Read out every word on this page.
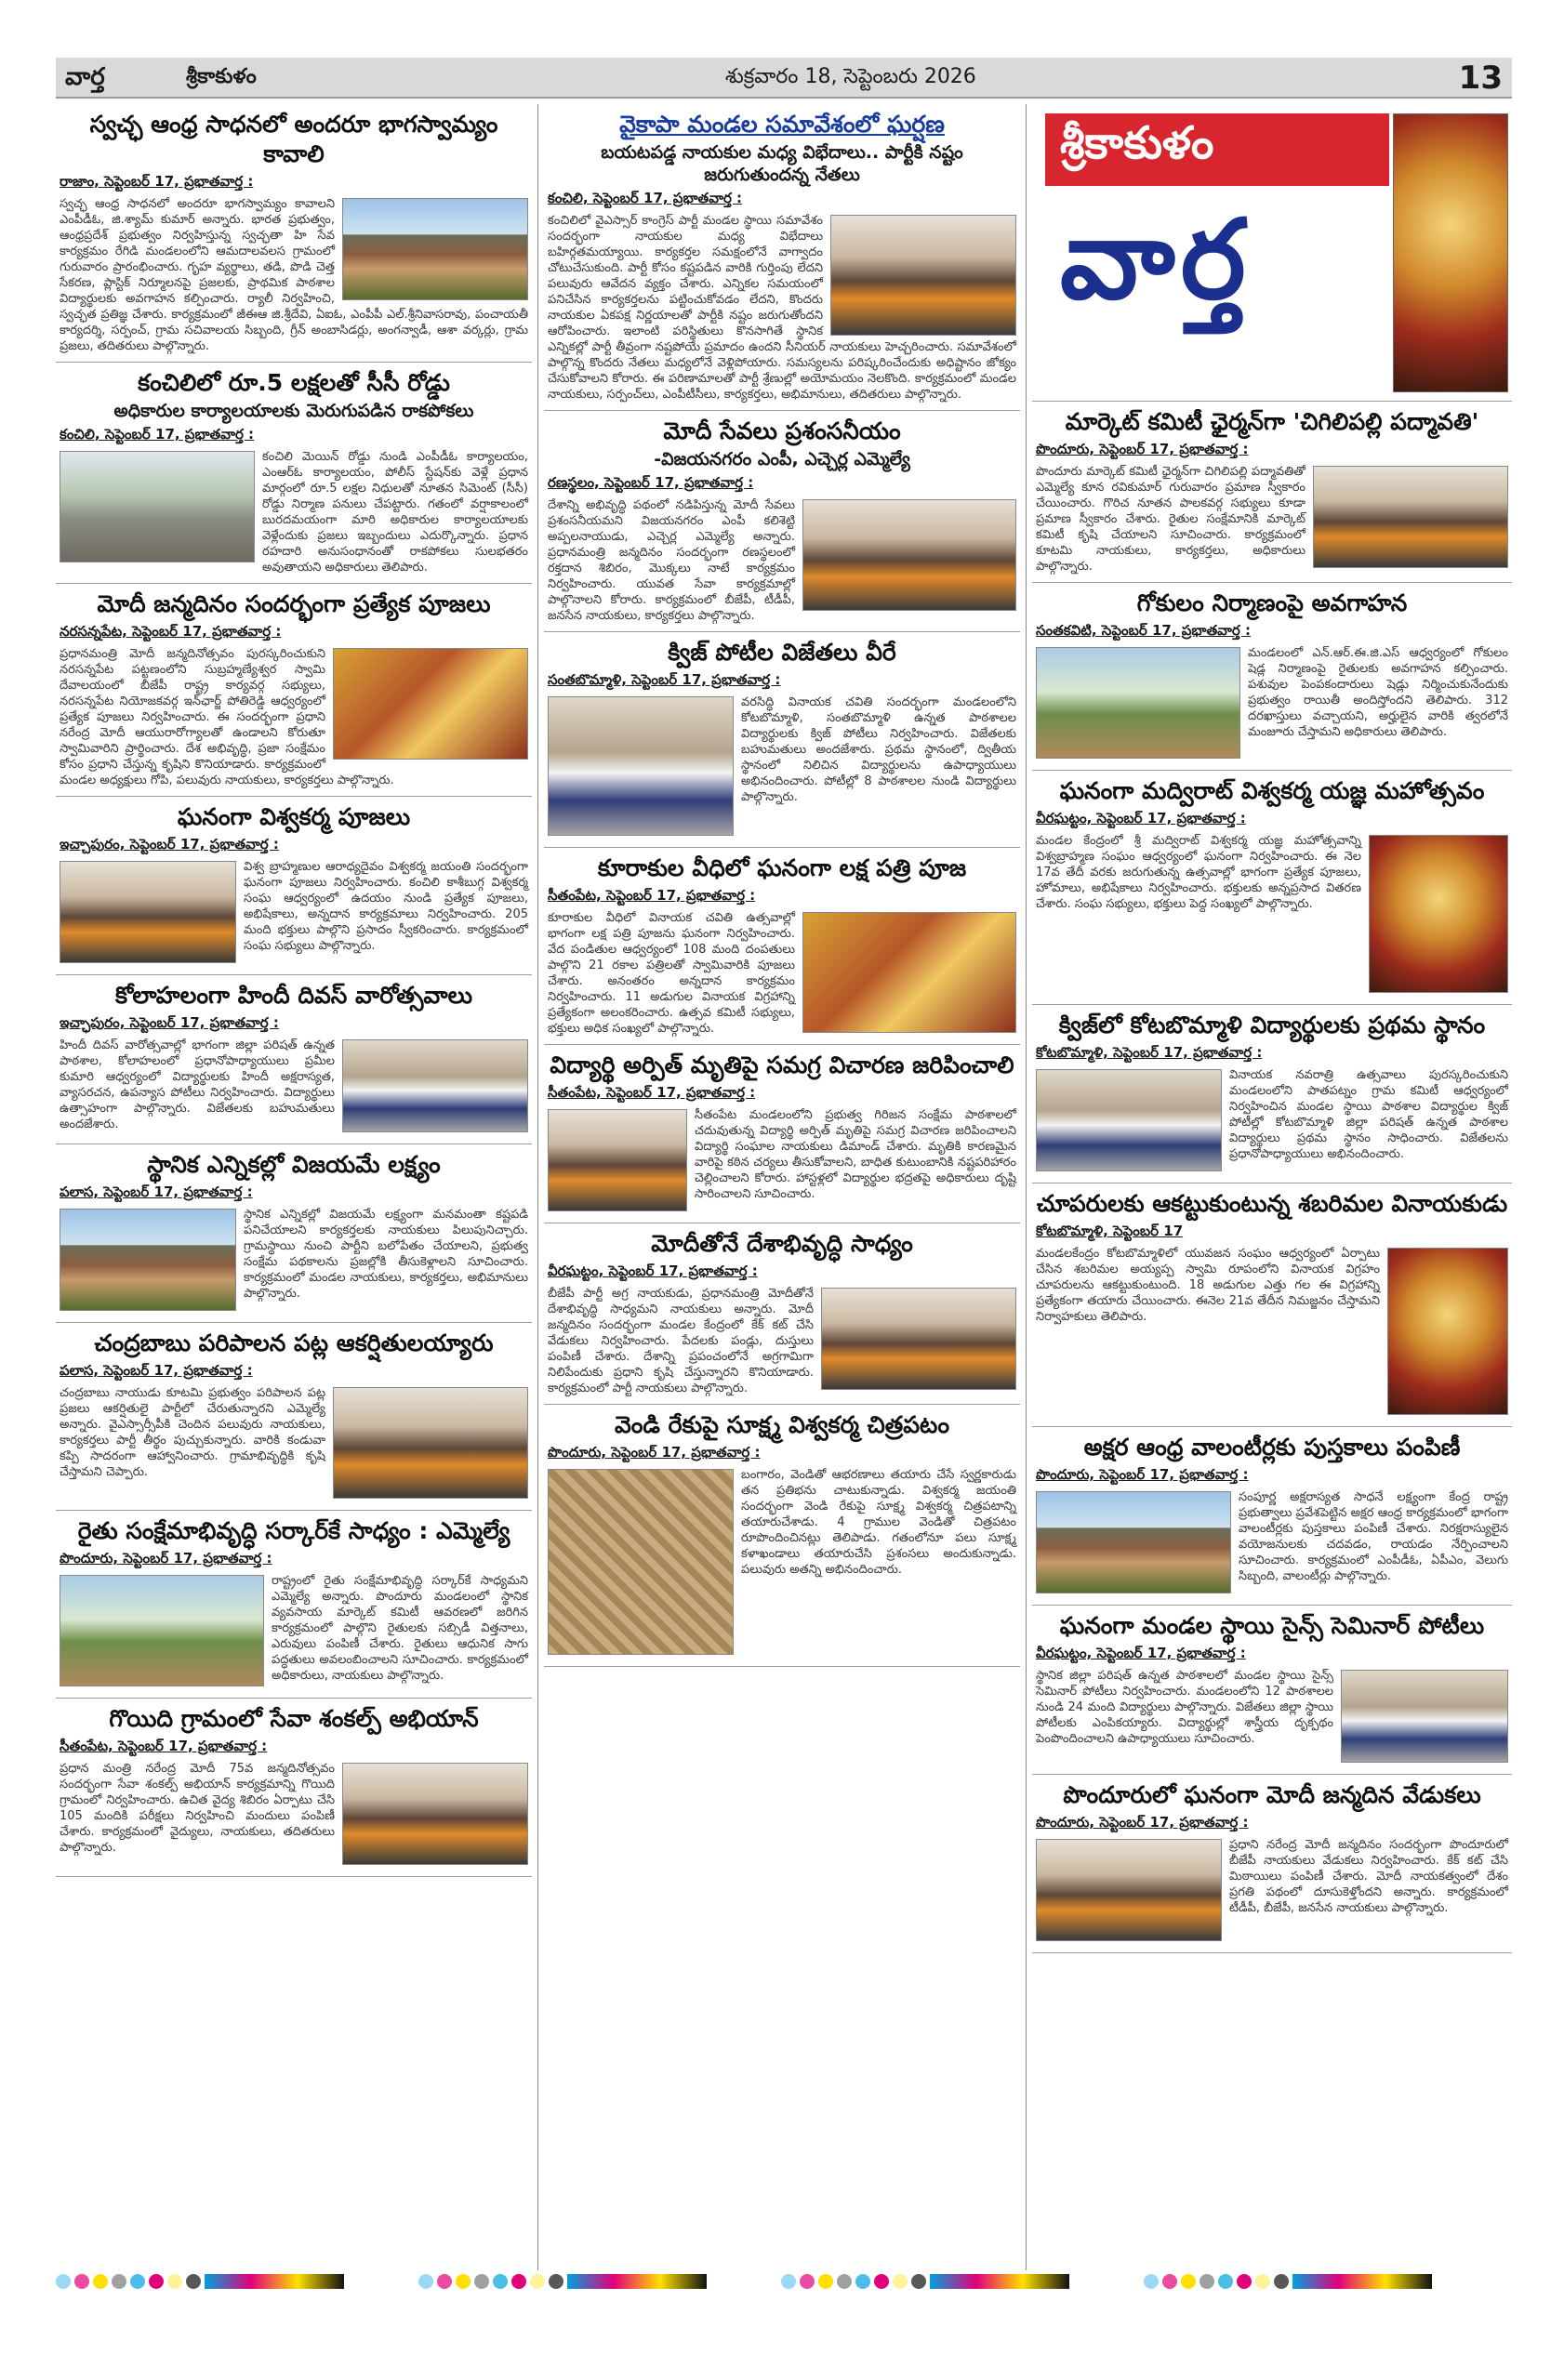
వార్త	శ్రీకాకుళం	శుక్రవారం 18, సెప్టెంబరు 2026	13
స్వచ్ఛ ఆంధ్ర సాధనలో అందరూ భాగస్వామ్యం కావాలి
రాజాం, సెప్టెంబర్ 17, ప్రభాతవార్త :
స్వచ్ఛ ఆంధ్ర సాధనలో అందరూ భాగస్వామ్యం కావాలని ఎంపీడీఓ, జి.శ్యామ్ కుమార్ అన్నారు. భారత ప్రభుత్వం, ఆంధ్రప్రదేశ్ ప్రభుత్వం నిర్వహిస్తున్న స్వచ్ఛతా హి సేవ కార్యక్రమం రేగిడి మండలంలోని ఆమదాలవలస గ్రామంలో గురువారం ప్రారంభించారు. గృహ వ్యర్థాలు, తడి, పొడి చెత్త సేకరణ, ప్లాస్టిక్ నిర్మూలనపై ప్రజలకు, ప్రాథమిక పాఠశాల విద్యార్థులకు అవగాహన కల్పించారు. ర్యాలీ నిర్వహించి, స్వచ్ఛత ప్రతిజ్ఞ చేశారు. కార్యక్రమంలో జీఈఆ జి.శ్రీదేవి, ఏఐఓ, ఎంపీపీ ఎల్.శ్రీనివాసరావు, పంచాయతీ కార్యదర్శి, సర్పంచ్, గ్రామ సచివాలయ సిబ్బంది, గ్రీన్ అంబాసిడర్లు, అంగన్వాడీ, ఆశా వర్కర్లు, గ్రామ ప్రజలు, తదితరులు పాల్గొన్నారు.
కంచిలిలో రూ.5 లక్షలతో సీసీ రోడ్డు
అధికారుల కార్యాలయాలకు మెరుగుపడిన రాకపోకలు
కంచిలి, సెప్టెంబర్ 17, ప్రభాతవార్త :
కంచిలి మెయిన్ రోడ్డు నుండి ఎంపీడీఓ కార్యాలయం, ఎంఆర్ఓ కార్యాలయం, పోలీస్ స్టేషన్‌కు వెళ్లే ప్రధాన మార్గంలో రూ.5 లక్షల నిధులతో నూతన సిమెంట్ (సీసీ) రోడ్డు నిర్మాణ పనులు చేపట్టారు. గతంలో వర్షాకాలంలో బురదమయంగా మారి అధికారుల కార్యాలయాలకు వెళ్లేందుకు ప్రజలు ఇబ్బందులు ఎదుర్కొన్నారు. ప్రధాన రహదారి అనుసంధానంతో రాకపోకలు సులభతరం అవుతాయని అధికారులు తెలిపారు.
మోదీ జన్మదినం సందర్భంగా ప్రత్యేక పూజలు
నరసన్నపేట, సెప్టెంబర్ 17, ప్రభాతవార్త :
ప్రధానమంత్రి మోదీ జన్మదినోత్సవం పురస్కరించుకుని నరసన్నపేట పట్టణంలోని సుబ్రహ్మణ్యేశ్వర స్వామి దేవాలయంలో బీజేపీ రాష్ట్ర కార్యవర్గ సభ్యులు, నరసన్నపేట నియోజకవర్గ ఇన్‌ఛార్జ్ పోతిరెడ్డి ఆధ్వర్యంలో ప్రత్యేక పూజలు నిర్వహించారు. ఈ సందర్భంగా ప్రధాని నరేంద్ర మోదీ ఆయురారోగ్యాలతో ఉండాలని కోరుతూ స్వామివారిని ప్రార్థించారు. దేశ అభివృద్ధి, ప్రజా సంక్షేమం కోసం ప్రధాని చేస్తున్న కృషిని కొనియాడారు. కార్యక్రమంలో మండల అధ్యక్షులు గోపి, పలువురు నాయకులు, కార్యకర్తలు పాల్గొన్నారు.
ఘనంగా విశ్వకర్మ పూజలు
ఇచ్చాపురం, సెప్టెంబర్ 17, ప్రభాతవార్త :
విశ్వ బ్రాహ్మణుల ఆరాధ్యదైవం విశ్వకర్మ జయంతి సందర్భంగా ఘనంగా పూజలు నిర్వహించారు. కంచిలి కాశీబుగ్గ విశ్వకర్మ సంఘ ఆధ్వర్యంలో ఉదయం నుండి ప్రత్యేక పూజలు, అభిషేకాలు, అన్నదాన కార్యక్రమాలు నిర్వహించారు. 205 మంది భక్తులు పాల్గొని ప్రసాదం స్వీకరించారు. కార్యక్రమంలో సంఘ సభ్యులు పాల్గొన్నారు.
కోలాహలంగా హిందీ దివస్ వారోత్సవాలు
ఇచ్ఛాపురం, సెప్టెంబర్ 17, ప్రభాతవార్త :
హిందీ దివస్ వారోత్సవాల్లో భాగంగా జిల్లా పరిషత్ ఉన్నత పాఠశాల, కోలాహలంలో ప్రధానోపాధ్యాయులు ప్రమీల కుమారి ఆధ్వర్యంలో విద్యార్థులకు హిందీ అక్షరాస్యత, వ్యాసరచన, ఉపన్యాస పోటీలు నిర్వహించారు. విద్యార్థులు ఉత్సాహంగా పాల్గొన్నారు. విజేతలకు బహుమతులు అందజేశారు.
స్థానిక ఎన్నికల్లో విజయమే లక్ష్యం
పలాస, సెప్టెంబర్ 17, ప్రభాతవార్త :
స్థానిక ఎన్నికల్లో విజయమే లక్ష్యంగా మనమంతా కష్టపడి పనిచేయాలని కార్యకర్తలకు నాయకులు పిలుపునిచ్చారు. గ్రామస్థాయి నుంచి పార్టీని బలోపేతం చేయాలని, ప్రభుత్వ సంక్షేమ పథకాలను ప్రజల్లోకి తీసుకెళ్లాలని సూచించారు. కార్యక్రమంలో మండల నాయకులు, కార్యకర్తలు, అభిమానులు పాల్గొన్నారు.
చంద్రబాబు పరిపాలన పట్ల ఆకర్షితులయ్యారు
పలాస, సెప్టెంబర్ 17, ప్రభాతవార్త :
చంద్రబాబు నాయుడు కూటమి ప్రభుత్వం పరిపాలన పట్ల ప్రజలు ఆకర్షితులై పార్టీలో చేరుతున్నారని ఎమ్మెల్యే అన్నారు. వైఎస్సార్సీపీకి చెందిన పలువురు నాయకులు, కార్యకర్తలు పార్టీ తీర్థం పుచ్చుకున్నారు. వారికి కండువా కప్పి సాదరంగా ఆహ్వానించారు. గ్రామాభివృద్ధికి కృషి చేస్తామని చెప్పారు.
రైతు సంక్షేమాభివృద్ధి సర్కార్‌కే సాధ్యం : ఎమ్మెల్యే
పొందూరు, సెప్టెంబర్ 17, ప్రభాతవార్త :
రాష్ట్రంలో రైతు సంక్షేమాభివృద్ధి సర్కార్‌కే సాధ్యమని ఎమ్మెల్యే అన్నారు. పొందూరు మండలంలో స్థానిక వ్యవసాయ మార్కెట్ కమిటీ ఆవరణలో జరిగిన కార్యక్రమంలో పాల్గొని రైతులకు సబ్సిడీ విత్తనాలు, ఎరువులు పంపిణీ చేశారు. రైతులు ఆధునిక సాగు పద్ధతులు అవలంబించాలని సూచించారు. కార్యక్రమంలో అధికారులు, నాయకులు పాల్గొన్నారు.
గొయిది గ్రామంలో సేవా శంకల్ప్ అభియాన్
సీతంపేట, సెప్టెంబర్ 17, ప్రభాతవార్త :
ప్రధాన మంత్రి నరేంద్ర మోదీ 75వ జన్మదినోత్సవం సందర్భంగా సేవా శంకల్ప్ అభియాన్ కార్యక్రమాన్ని గొయిది గ్రామంలో నిర్వహించారు. ఉచిత వైద్య శిబిరం ఏర్పాటు చేసి 105 మందికి పరీక్షలు నిర్వహించి మందులు పంపిణీ చేశారు. కార్యక్రమంలో వైద్యులు, నాయకులు, తదితరులు పాల్గొన్నారు.
వైకాపా మండల సమావేశంలో ఘర్షణ
బయటపడ్డ నాయకుల మధ్య విభేదాలు.. పార్టీకి నష్టం జరుగుతుందన్న నేతలు
కంచిలి, సెప్టెంబర్ 17, ప్రభాతవార్త :
కంచిలిలో వైఎస్సార్ కాంగ్రెస్ పార్టీ మండల స్థాయి సమావేశం సందర్భంగా నాయకుల మధ్య విభేదాలు బహిర్గతమయ్యాయి. కార్యకర్తల సమక్షంలోనే వాగ్వాదం చోటుచేసుకుంది. పార్టీ కోసం కష్టపడిన వారికి గుర్తింపు లేదని పలువురు ఆవేదన వ్యక్తం చేశారు. ఎన్నికల సమయంలో పనిచేసిన కార్యకర్తలను పట్టించుకోవడం లేదని, కొందరు నాయకుల ఏకపక్ష నిర్ణయాలతో పార్టీకి నష్టం జరుగుతోందని ఆరోపించారు. ఇలాంటి పరిస్థితులు కొనసాగితే స్థానిక ఎన్నికల్లో పార్టీ తీవ్రంగా నష్టపోయే ప్రమాదం ఉందని సీనియర్ నాయకులు హెచ్చరించారు. సమావేశంలో పాల్గొన్న కొందరు నేతలు మధ్యలోనే వెళ్లిపోయారు. సమస్యలను పరిష్కరించేందుకు అధిష్టానం జోక్యం చేసుకోవాలని కోరారు. ఈ పరిణామాలతో పార్టీ శ్రేణుల్లో అయోమయం నెలకొంది. కార్యక్రమంలో మండల నాయకులు, సర్పంచ్‌లు, ఎంపీటీసీలు, కార్యకర్తలు, అభిమానులు, తదితరులు పాల్గొన్నారు.
మోదీ సేవలు ప్రశంసనీయం
-విజయనగరం ఎంపీ, ఎచ్చెర్ల ఎమ్మెల్యే
రణస్థలం, సెప్టెంబర్ 17, ప్రభాతవార్త :
దేశాన్ని అభివృద్ధి పథంలో నడిపిస్తున్న మోదీ సేవలు ప్రశంసనీయమని విజయనగరం ఎంపీ కలిశెట్టి అప్పలనాయుడు, ఎచ్చెర్ల ఎమ్మెల్యే అన్నారు. ప్రధానమంత్రి జన్మదినం సందర్భంగా రణస్థలంలో రక్తదాన శిబిరం, మొక్కలు నాటే కార్యక్రమం నిర్వహించారు. యువత సేవా కార్యక్రమాల్లో పాల్గొనాలని కోరారు. కార్యక్రమంలో బీజేపీ, టీడీపీ, జనసేన నాయకులు, కార్యకర్తలు పాల్గొన్నారు.
క్విజ్ పోటీల విజేతలు వీరే
సంతబొమ్మాళి, సెప్టెంబర్ 17, ప్రభాతవార్త :
వరసిద్ధి వినాయక చవితి సందర్భంగా మండలంలోని కోటబొమ్మాళి, సంతబొమ్మాళి ఉన్నత పాఠశాలల విద్యార్థులకు క్విజ్ పోటీలు నిర్వహించారు. విజేతలకు బహుమతులు అందజేశారు. ప్రథమ స్థానంలో, ద్వితీయ స్థానంలో నిలిచిన విద్యార్థులను ఉపాధ్యాయులు అభినందించారు. పోటీల్లో 8 పాఠశాలల నుండి విద్యార్థులు పాల్గొన్నారు.
కూరాకుల వీధిలో ఘనంగా లక్ష పత్రి పూజ
సీతంపేట, సెప్టెంబర్ 17, ప్రభాతవార్త :
కూరాకుల వీధిలో వినాయక చవితి ఉత్సవాల్లో భాగంగా లక్ష పత్రి పూజను ఘనంగా నిర్వహించారు. వేద పండితుల ఆధ్వర్యంలో 108 మంది దంపతులు పాల్గొని 21 రకాల పత్రిలతో స్వామివారికి పూజలు చేశారు. అనంతరం అన్నదాన కార్యక్రమం నిర్వహించారు. 11 అడుగుల వినాయక విగ్రహాన్ని ప్రత్యేకంగా అలంకరించారు. ఉత్సవ కమిటీ సభ్యులు, భక్తులు అధిక సంఖ్యలో పాల్గొన్నారు.
విద్యార్థి అర్పిత్ మృతిపై సమగ్ర విచారణ జరిపించాలి
సీతంపేట, సెప్టెంబర్ 17, ప్రభాతవార్త :
సీతంపేట మండలంలోని ప్రభుత్వ గిరిజన సంక్షేమ పాఠశాలలో చదువుతున్న విద్యార్థి అర్పిత్ మృతిపై సమగ్ర విచారణ జరిపించాలని విద్యార్థి సంఘాల నాయకులు డిమాండ్ చేశారు. మృతికి కారణమైన వారిపై కఠిన చర్యలు తీసుకోవాలని, బాధిత కుటుంబానికి నష్టపరిహారం చెల్లించాలని కోరారు. హాస్టళ్లలో విద్యార్థుల భద్రతపై అధికారులు దృష్టి సారించాలని సూచించారు.
మోదీతోనే దేశాభివృద్ధి సాధ్యం
వీరఘట్టం, సెప్టెంబర్ 17, ప్రభాతవార్త :
బీజేపీ పార్టీ అగ్ర నాయకుడు, ప్రధానమంత్రి మోదీతోనే దేశాభివృద్ధి సాధ్యమని నాయకులు అన్నారు. మోదీ జన్మదినం సందర్భంగా మండల కేంద్రంలో కేక్ కట్ చేసి వేడుకలు నిర్వహించారు. పేదలకు పండ్లు, దుస్తులు పంపిణీ చేశారు. దేశాన్ని ప్రపంచంలోనే అగ్రగామిగా నిలిపేందుకు ప్రధాని కృషి చేస్తున్నారని కొనియాడారు. కార్యక్రమంలో పార్టీ నాయకులు పాల్గొన్నారు.
వెండి రేకుపై సూక్ష్మ విశ్వకర్మ చిత్రపటం
పొందూరు, సెప్టెంబర్ 17, ప్రభాతవార్త :
బంగారం, వెండితో ఆభరణాలు తయారు చేసే స్వర్ణకారుడు తన ప్రతిభను చాటుకున్నాడు. విశ్వకర్మ జయంతి సందర్భంగా వెండి రేకుపై సూక్ష్మ విశ్వకర్మ చిత్రపటాన్ని తయారుచేశాడు. 4 గ్రాముల వెండితో చిత్రపటం రూపొందించినట్లు తెలిపాడు. గతంలోనూ పలు సూక్ష్మ కళాఖండాలు తయారుచేసి ప్రశంసలు అందుకున్నాడు. పలువురు అతన్ని అభినందించారు.
శ్రీకాకుళం
వార్త
మార్కెట్ కమిటీ ఛైర్మన్‌గా 'చిగిలిపల్లి పద్మావతి'
పొందూరు, సెప్టెంబర్ 17, ప్రభాతవార్త :
పొందూరు మార్కెట్ కమిటీ ఛైర్మన్‌గా చిగిలిపల్లి పద్మావతితో ఎమ్మెల్యే కూన రవికుమార్ గురువారం ప్రమాణ స్వీకారం చేయించారు. గొరిచ నూతన పాలకవర్గ సభ్యులు కూడా ప్రమాణ స్వీకారం చేశారు. రైతుల సంక్షేమానికి మార్కెట్ కమిటీ కృషి చేయాలని సూచించారు. కార్యక్రమంలో కూటమి నాయకులు, కార్యకర్తలు, అధికారులు పాల్గొన్నారు.
గోకులం నిర్మాణంపై అవగాహన
సంతకవిటి, సెప్టెంబర్ 17, ప్రభాతవార్త :
మండలంలో ఎన్.ఆర్.ఈ.జి.ఎస్ ఆధ్వర్యంలో గోకులం షెడ్ల నిర్మాణంపై రైతులకు అవగాహన కల్పించారు. పశువుల పెంపకందారులు షెడ్లు నిర్మించుకునేందుకు ప్రభుత్వం రాయితీ అందిస్తోందని తెలిపారు. 312 దరఖాస్తులు వచ్చాయని, అర్హులైన వారికి త్వరలోనే మంజూరు చేస్తామని అధికారులు తెలిపారు.
ఘనంగా మద్విరాట్ విశ్వకర్మ యజ్ఞ మహోత్సవం
వీరఘట్టం, సెప్టెంబర్ 17, ప్రభాతవార్త :
మండల కేంద్రంలో శ్రీ మద్విరాట్ విశ్వకర్మ యజ్ఞ మహోత్సవాన్ని విశ్వబ్రాహ్మణ సంఘం ఆధ్వర్యంలో ఘనంగా నిర్వహించారు. ఈ నెల 17వ తేదీ వరకు జరుగుతున్న ఉత్సవాల్లో భాగంగా ప్రత్యేక పూజలు, హోమాలు, అభిషేకాలు నిర్వహించారు. భక్తులకు అన్నప్రసాద వితరణ చేశారు. సంఘ సభ్యులు, భక్తులు పెద్ద సంఖ్యలో పాల్గొన్నారు.
క్విజ్‌లో కోటబొమ్మాళి విద్యార్థులకు ప్రథమ స్థానం
కోటబొమ్మాళి, సెప్టెంబర్ 17, ప్రభాతవార్త :
వినాయక నవరాత్రి ఉత్సవాలు పురస్కరించుకుని మండలంలోని పాతపట్నం గ్రామ కమిటీ ఆధ్వర్యంలో నిర్వహించిన మండల స్థాయి పాఠశాల విద్యార్థుల క్విజ్ పోటీల్లో కోటబొమ్మాళి జిల్లా పరిషత్ ఉన్నత పాఠశాల విద్యార్థులు ప్రథమ స్థానం సాధించారు. విజేతలను ప్రధానోపాధ్యాయులు అభినందించారు.
చూపరులకు ఆకట్టుకుంటున్న శబరిమల వినాయకుడు
కోటబొమ్మాళి, సెప్టెంబర్ 17
మండలకేంద్రం కోటబొమ్మాళిలో యువజన సంఘం ఆధ్వర్యంలో ఏర్పాటు చేసిన శబరిమల అయ్యప్ప స్వామి రూపంలోని వినాయక విగ్రహం చూపరులను ఆకట్టుకుంటుంది. 18 అడుగుల ఎత్తు గల ఈ విగ్రహాన్ని ప్రత్యేకంగా తయారు చేయించారు. ఈనెల 21వ తేదీన నిమజ్జనం చేస్తామని నిర్వాహకులు తెలిపారు.
అక్షర ఆంధ్ర వాలంటీర్లకు పుస్తకాలు పంపిణీ
పొందూరు, సెప్టెంబర్ 17, ప్రభాతవార్త :
సంపూర్ణ అక్షరాస్యత సాధనే లక్ష్యంగా కేంద్ర రాష్ట్ర ప్రభుత్వాలు ప్రవేశపెట్టిన అక్షర ఆంధ్ర కార్యక్రమంలో భాగంగా వాలంటీర్లకు పుస్తకాలు పంపిణీ చేశారు. నిరక్షరాస్యులైన వయోజనులకు చదవడం, రాయడం నేర్పించాలని సూచించారు. కార్యక్రమంలో ఎంపీడీఓ, ఏపీఎం, వెలుగు సిబ్బంది, వాలంటీర్లు పాల్గొన్నారు.
ఘనంగా మండల స్థాయి సైన్స్ సెమినార్ పోటీలు
వీరఘట్టం, సెప్టెంబర్ 17, ప్రభాతవార్త :
స్థానిక జిల్లా పరిషత్ ఉన్నత పాఠశాలలో మండల స్థాయి సైన్స్ సెమినార్ పోటీలు నిర్వహించారు. మండలంలోని 12 పాఠశాలల నుండి 24 మంది విద్యార్థులు పాల్గొన్నారు. విజేతలు జిల్లా స్థాయి పోటీలకు ఎంపికయ్యారు. విద్యార్థుల్లో శాస్త్రీయ దృక్పథం పెంపొందించాలని ఉపాధ్యాయులు సూచించారు.
పొందూరులో ఘనంగా మోదీ జన్మదిన వేడుకలు
పొందూరు, సెప్టెంబర్ 17, ప్రభాతవార్త :
ప్రధాని నరేంద్ర మోదీ జన్మదినం సందర్భంగా పొందూరులో బీజేపీ నాయకులు వేడుకలు నిర్వహించారు. కేక్ కట్ చేసి మిఠాయిలు పంపిణీ చేశారు. మోదీ నాయకత్వంలో దేశం ప్రగతి పథంలో దూసుకెళ్తోందని అన్నారు. కార్యక్రమంలో టీడీపీ, బీజేపీ, జనసేన నాయకులు పాల్గొన్నారు.
